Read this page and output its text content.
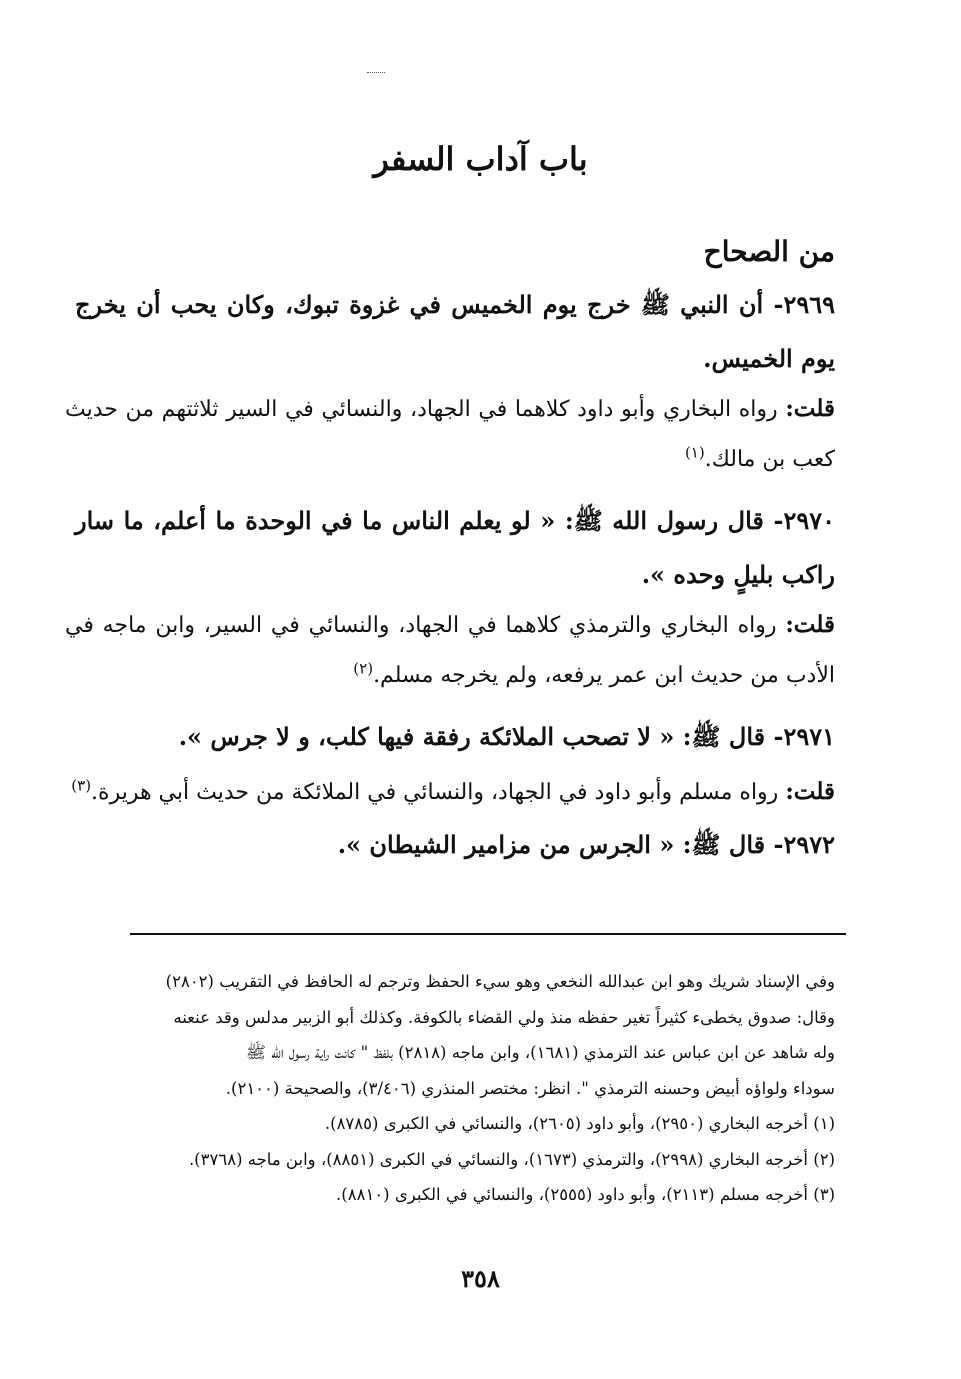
باب آداب السفر
من الصحاح
٢٩٦٩- أن النبي ﷺ خرج يوم الخميس في غزوة تبوك، وكان يحب أن يخرج يوم الخميس.
قلت: رواه البخاري وأبو داود كلاهما في الجهاد، والنسائي في السير ثلاثتهم من حديث كعب بن مالك.$^{(١)}$
٢٩٧٠- قال رسول الله ﷺ: « لو يعلم الناس ما في الوحدة ما أعلم، ما سار راكب بليلٍ وحده ».
قلت: رواه البخاري والترمذي كلاهما في الجهاد، والنسائي في السير، وابن ماجه في الأدب من حديث ابن عمر يرفعه، ولم يخرجه مسلم.$^{(٢)}$
٢٩٧١- قال ﷺ: « لا تصحب الملائكة رفقة فيها كلب، و لا جرس ».
قلت: رواه مسلم وأبو داود في الجهاد، والنسائي في الملائكة من حديث أبي هريرة.$^{(٣)}$
٢٩٧٢- قال ﷺ: « الجرس من مزامير الشيطان ».
وفي الإسناد شريك وهو ابن عبدالله النخعي وهو سيء الحفظ وترجم له الحافظ في التقريب (٢٨٠٢)
وقال: صدوق يخطىء كثيراً تغير حفظه منذ ولي القضاء بالكوفة. وكذلك أبو الزبير مدلس وقد عنعنه
وله شاهد عن ابن عباس عند الترمذي (١٦٨١)، وابن ماجه (٢٨١٨) بلفظ " كانت راية رسول الله ﷺ
سوداء ولواؤه أبيض وحسنه الترمذي ". انظر: مختصر المنذري (٣/٤٠٦)، والصحيحة (٢١٠٠).
(١) أخرجه البخاري (٢٩٥٠)، وأبو داود (٢٦٠٥)، والنسائي في الكبرى (٨٧٨٥).
(٢) أخرجه البخاري (٢٩٩٨)، والترمذي (١٦٧٣)، والنسائي في الكبرى (٨٨٥١)، وابن ماجه (٣٧٦٨).
(٣) أخرجه مسلم (٢١١٣)، وأبو داود (٢٥٥٥)، والنسائي في الكبرى (٨٨١٠).
٣٥٨
